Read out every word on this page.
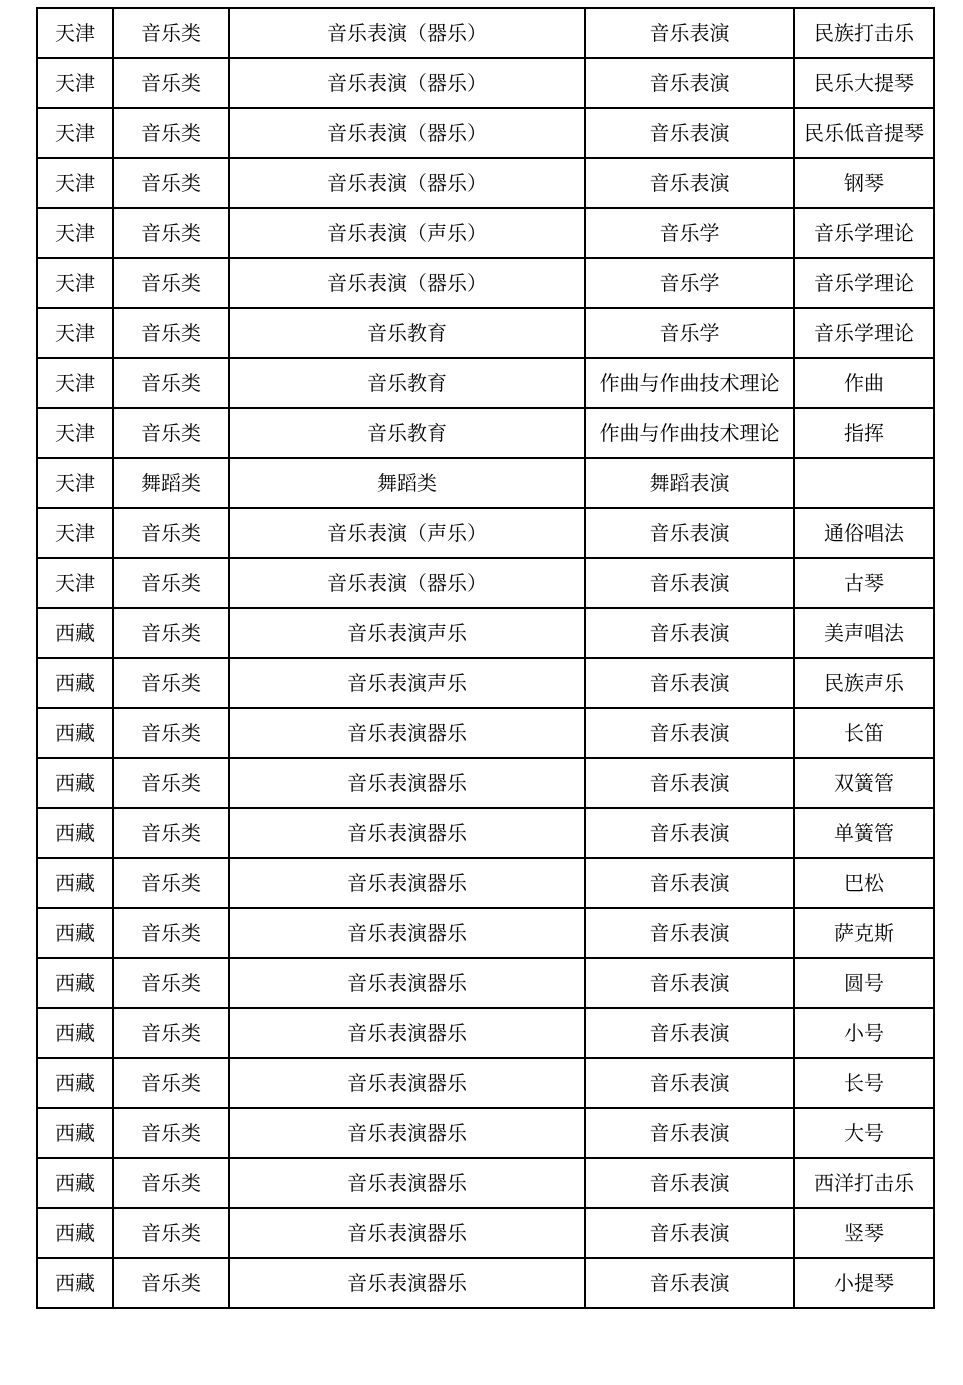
天津	音乐类	音乐表演（器乐）	音乐表演	民族打击乐
天津	音乐类	音乐表演（器乐）	音乐表演	民乐大提琴
天津	音乐类	音乐表演（器乐）	音乐表演	民乐低音提琴
天津	音乐类	音乐表演（器乐）	音乐表演	钢琴
天津	音乐类	音乐表演（声乐）	音乐学	音乐学理论
天津	音乐类	音乐表演（器乐）	音乐学	音乐学理论
天津	音乐类	音乐教育	音乐学	音乐学理论
天津	音乐类	音乐教育	作曲与作曲技术理论	作曲
天津	音乐类	音乐教育	作曲与作曲技术理论	指挥
天津	舞蹈类	舞蹈类	舞蹈表演	
天津	音乐类	音乐表演（声乐）	音乐表演	通俗唱法
天津	音乐类	音乐表演（器乐）	音乐表演	古琴
西藏	音乐类	音乐表演声乐	音乐表演	美声唱法
西藏	音乐类	音乐表演声乐	音乐表演	民族声乐
西藏	音乐类	音乐表演器乐	音乐表演	长笛
西藏	音乐类	音乐表演器乐	音乐表演	双簧管
西藏	音乐类	音乐表演器乐	音乐表演	单簧管
西藏	音乐类	音乐表演器乐	音乐表演	巴松
西藏	音乐类	音乐表演器乐	音乐表演	萨克斯
西藏	音乐类	音乐表演器乐	音乐表演	圆号
西藏	音乐类	音乐表演器乐	音乐表演	小号
西藏	音乐类	音乐表演器乐	音乐表演	长号
西藏	音乐类	音乐表演器乐	音乐表演	大号
西藏	音乐类	音乐表演器乐	音乐表演	西洋打击乐
西藏	音乐类	音乐表演器乐	音乐表演	竖琴
西藏	音乐类	音乐表演器乐	音乐表演	小提琴
